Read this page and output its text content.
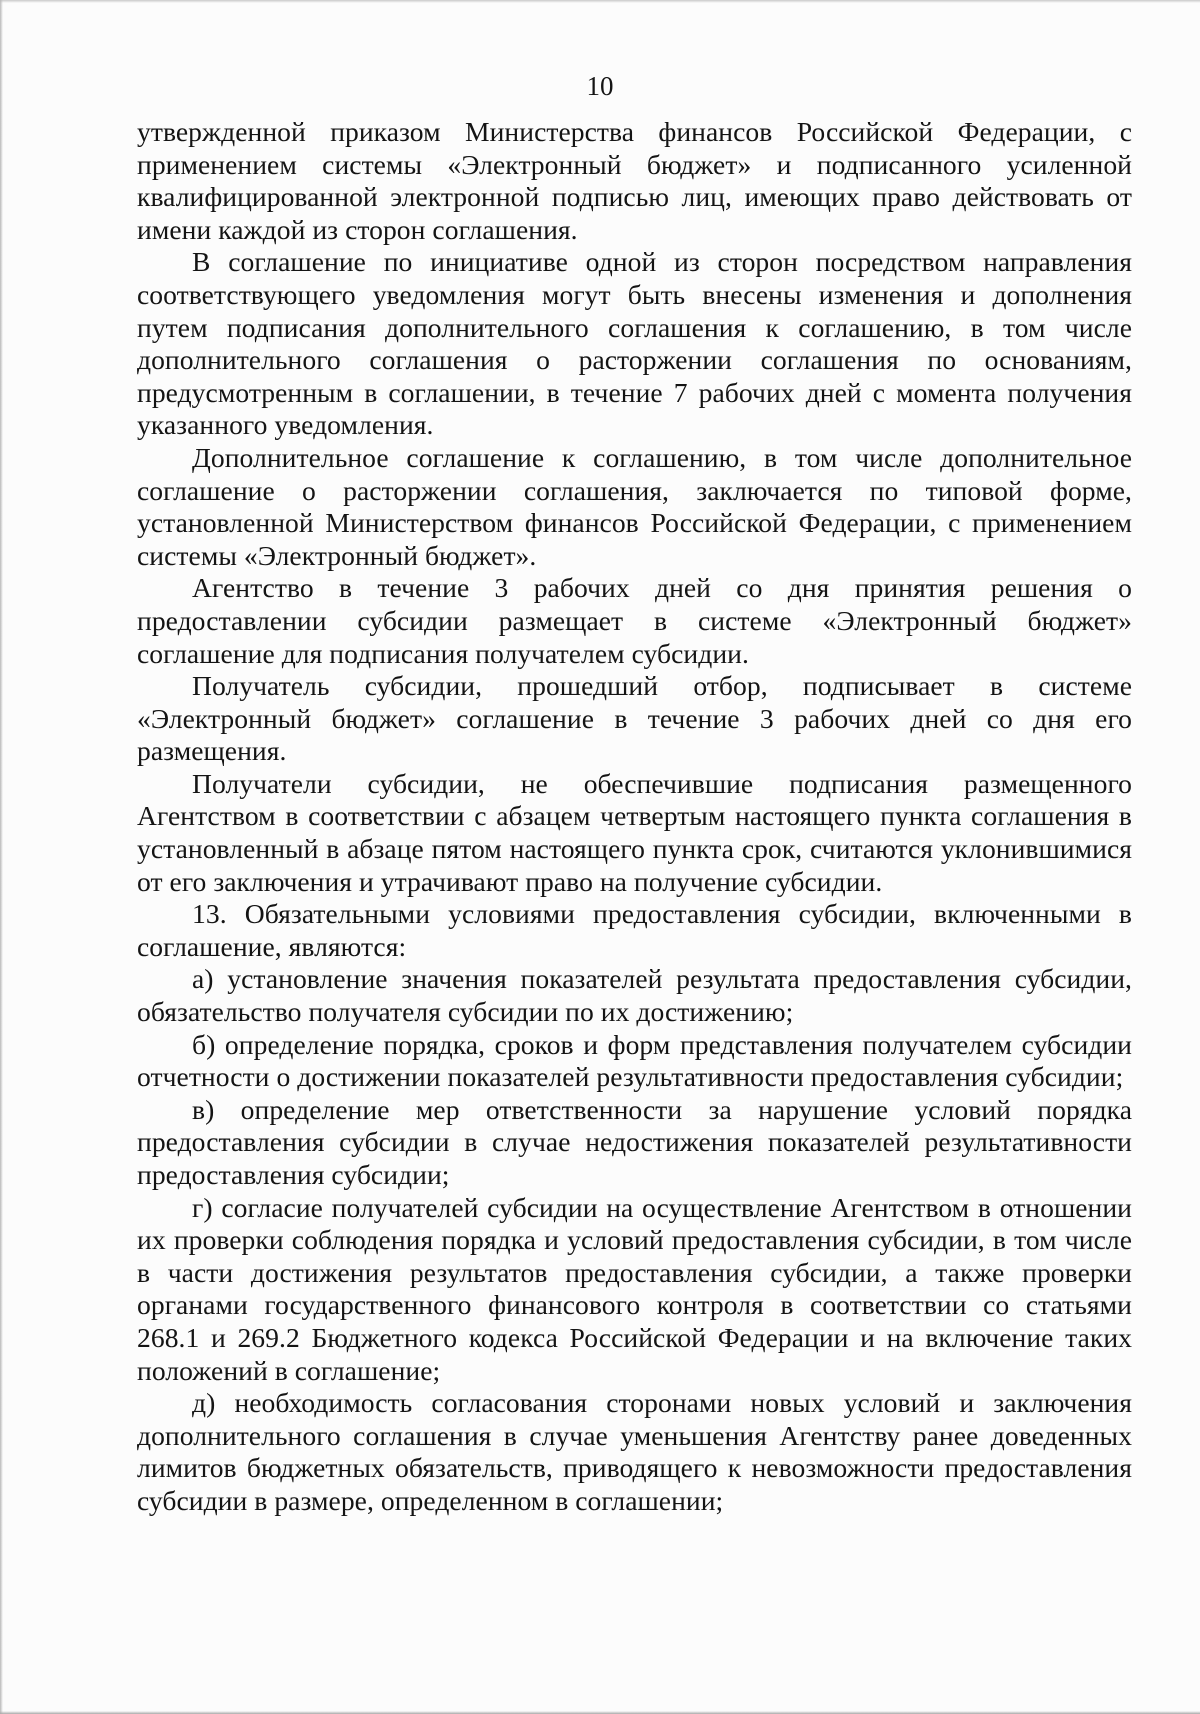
10

утвержденной приказом Министерства финансов Российской Федерации, с применением системы «Электронный бюджет» и подписанного усиленной квалифицированной электронной подписью лиц, имеющих право действовать от имени каждой из сторон соглашения.

В соглашение по инициативе одной из сторон посредством направления соответствующего уведомления могут быть внесены изменения и дополнения путем подписания дополнительного соглашения к соглашению, в том числе дополнительного соглашения о расторжении соглашения по основаниям, предусмотренным в соглашении, в течение 7 рабочих дней с момента получения указанного уведомления.

Дополнительное соглашение к соглашению, в том числе дополнительное соглашение о расторжении соглашения, заключается по типовой форме, установленной Министерством финансов Российской Федерации, с применением системы «Электронный бюджет».

Агентство в течение 3 рабочих дней со дня принятия решения о предоставлении субсидии размещает в системе «Электронный бюджет» соглашение для подписания получателем субсидии.

Получатель субсидии, прошедший отбор, подписывает в системе «Электронный бюджет» соглашение в течение 3 рабочих дней со дня его размещения.

Получатели субсидии, не обеспечившие подписания размещенного Агентством в соответствии с абзацем четвертым настоящего пункта соглашения в установленный в абзаце пятом настоящего пункта срок, считаются уклонившимися от его заключения и утрачивают право на получение субсидии.

13. Обязательными условиями предоставления субсидии, включенными в соглашение, являются:

а) установление значения показателей результата предоставления субсидии, обязательство получателя субсидии по их достижению;

б) определение порядка, сроков и форм представления получателем субсидии отчетности о достижении показателей результативности предоставления субсидии;

в) определение мер ответственности за нарушение условий порядка предоставления субсидии в случае недостижения показателей результативности предоставления субсидии;

г) согласие получателей субсидии на осуществление Агентством в отношении их проверки соблюдения порядка и условий предоставления субсидии, в том числе в части достижения результатов предоставления субсидии, а также проверки органами государственного финансового контроля в соответствии со статьями 268.1 и 269.2 Бюджетного кодекса Российской Федерации и на включение таких положений в соглашение;

д) необходимость согласования сторонами новых условий и заключения дополнительного соглашения в случае уменьшения Агентству ранее доведенных лимитов бюджетных обязательств, приводящего к невозможности предоставления субсидии в размере, определенном в соглашении;
